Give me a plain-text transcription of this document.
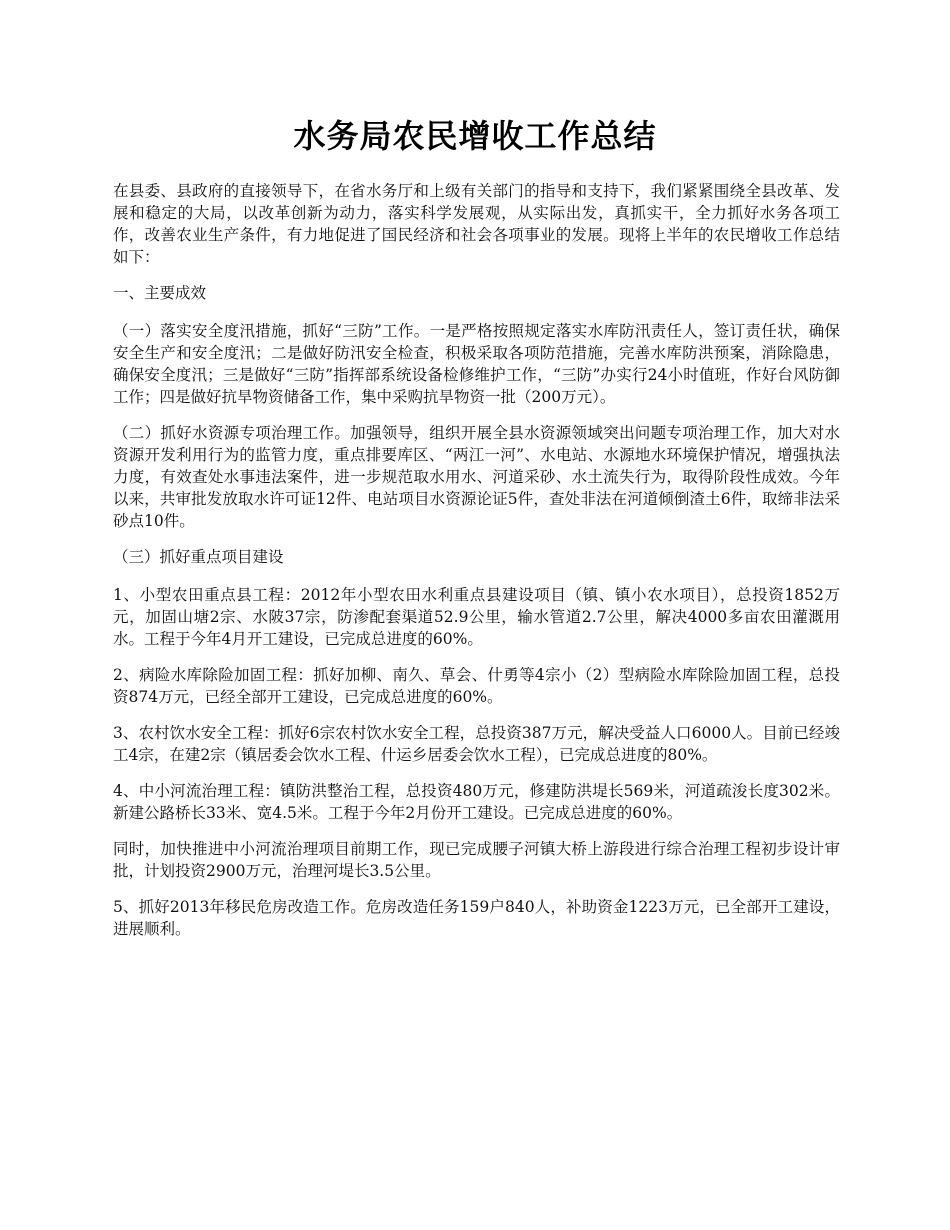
水务局农民增收工作总结

在县委、县政府的直接领导下，在省水务厅和上级有关部门的指导和支持下，我们紧紧围绕全县改革、发展和稳定的大局，以改革创新为动力，落实科学发展观，从实际出发，真抓实干，全力抓好水务各项工作，改善农业生产条件，有力地促进了国民经济和社会各项事业的发展。现将上半年的农民增收工作总结如下：

一、主要成效

（一）落实安全度汛措施，抓好“三防”工作。一是严格按照规定落实水库防汛责任人，签订责任状，确保安全生产和安全度汛；二是做好防汛安全检查，积极采取各项防范措施，完善水库防洪预案，消除隐患，确保安全度汛；三是做好“三防”指挥部系统设备检修维护工作，“三防”办实行24小时值班，作好台风防御工作；四是做好抗旱物资储备工作，集中采购抗旱物资一批（200万元）。

（二）抓好水资源专项治理工作。加强领导，组织开展全县水资源领域突出问题专项治理工作，加大对水资源开发利用行为的监管力度，重点排要库区、“两江一河”、水电站、水源地水环境保护情况，增强执法力度，有效查处水事违法案件，进一步规范取水用水、河道采砂、水土流失行为，取得阶段性成效。今年以来，共审批发放取水许可证12件、电站项目水资源论证5件，查处非法在河道倾倒渣土6件，取缔非法采砂点10件。

（三）抓好重点项目建设

1、小型农田重点县工程：2012年小型农田水利重点县建设项目（镇、镇小农水项目），总投资1852万元，加固山塘2宗、水陂37宗，防渗配套渠道52.9公里，输水管道2.7公里，解决4000多亩农田灌溉用水。工程于今年4月开工建设，已完成总进度的60%。

2、病险水库除险加固工程：抓好加柳、南久、草会、什勇等4宗小（2）型病险水库除险加固工程，总投资874万元，已经全部开工建设，已完成总进度的60%。

3、农村饮水安全工程：抓好6宗农村饮水安全工程，总投资387万元，解决受益人口6000人。目前已经竣工4宗，在建2宗（镇居委会饮水工程、什运乡居委会饮水工程），已完成总进度的80%。

4、中小河流治理工程：镇防洪整治工程，总投资480万元，修建防洪堤长569米，河道疏浚长度302米。新建公路桥长33米、宽4.5米。工程于今年2月份开工建设。已完成总进度的60%。

同时，加快推进中小河流治理项目前期工作，现已完成腰子河镇大桥上游段进行综合治理工程初步设计审批，计划投资2900万元，治理河堤长3.5公里。

5、抓好2013年移民危房改造工作。危房改造任务159户840人，补助资金1223万元，已全部开工建设，进展顺利。
